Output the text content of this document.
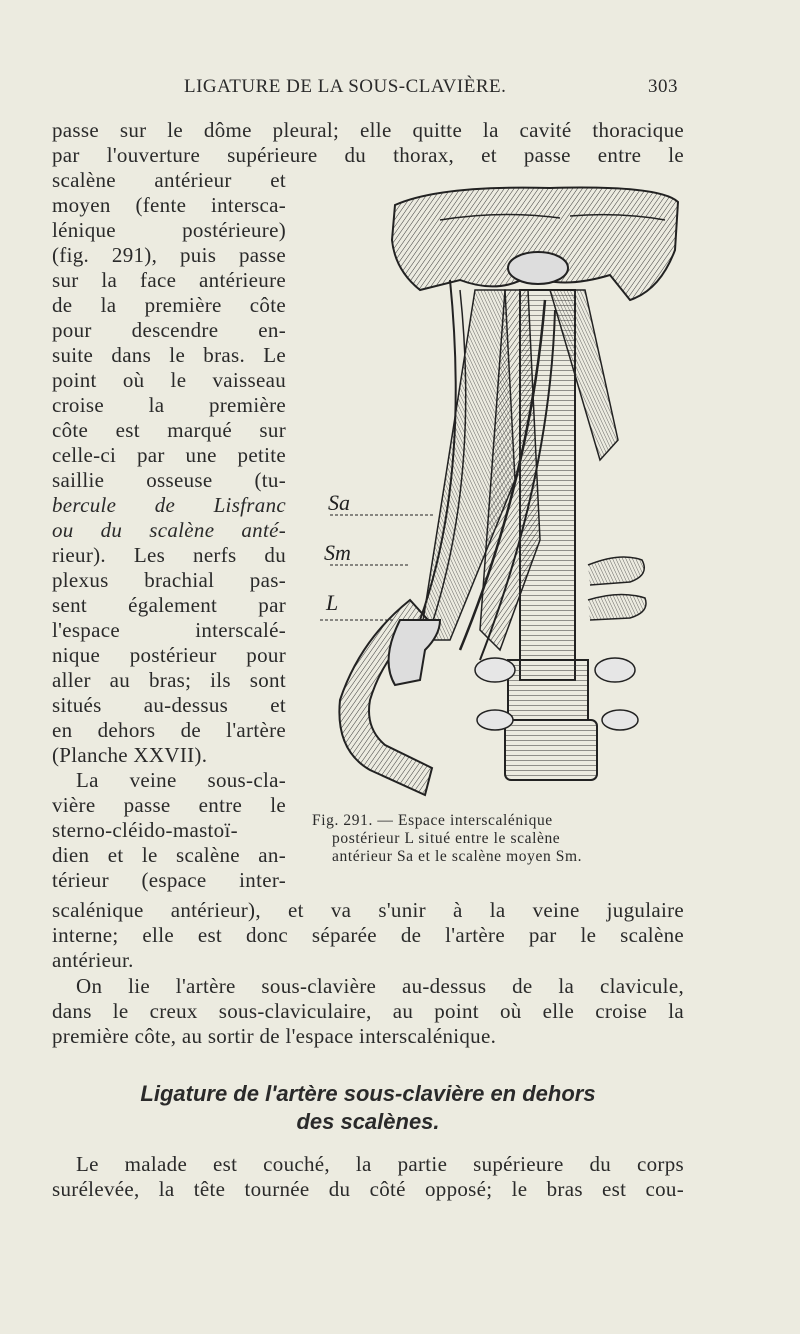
LIGATURE DE LA SOUS-CLAVIÈRE.	303
passe sur le dôme pleural; elle quitte la cavité thoracique
par l'ouverture supérieure du thorax, et passe entre le
scalène antérieur et
moyen (fente intersca-
lénique postérieure)
(fig. 291), puis passe
sur la face antérieure
de la première côte
pour descendre en-
suite dans le bras. Le
point où le vaisseau
croise la première
côte est marqué sur
celle-ci par une petite
saillie osseuse (tu-
bercule de Lisfranc
ou du scalène anté-
rieur). Les nerfs du
plexus brachial pas-
sent également par
l'espace interscalé-
nique postérieur pour
aller au bras; ils sont
situés au-dessus et
en dehors de l'artère
(Planche XXVII).
La veine sous-cla-
vière passe entre le
sterno-cléido-mastoï-
dien et le scalène an-
térieur (espace inter-
scalénique antérieur), et va s'unir à la veine jugulaire
interne; elle est donc séparée de l'artère par le scalène
antérieur.
On lie l'artère sous-clavière au-dessus de la clavicule,
dans le creux sous-claviculaire, au point où elle croise la
première côte, au sortir de l'espace interscalénique.
Sa
Sm
L
Fig. 291. — Espace interscalénique
postérieur L situé entre le scalène
antérieur Sa et le scalène moyen Sm.
Ligature de l'artère sous-clavière en dehors
des scalènes.
Le malade est couché, la partie supérieure du corps
surélevée, la tête tournée du côté opposé; le bras est cou-
